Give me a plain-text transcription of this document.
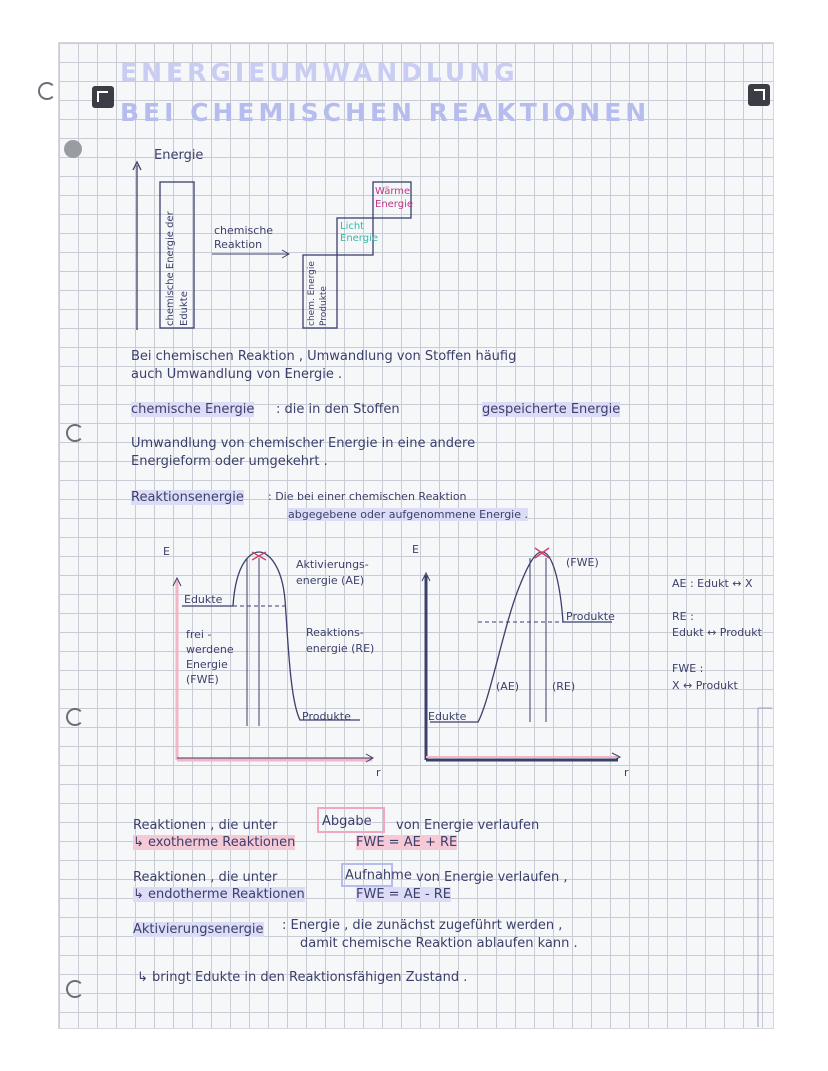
ENERGIEUMWANDLUNG
BEI CHEMISCHEN REAKTIONEN
Energie
chemische Energie der Edukte
chemische Reaktion
chem. Energie Produkte
Licht Energie
Wärme Energie
Bei chemischen Reaktion , Umwandlung von Stoffen häufig
auch Umwandlung von Energie .
chemische Energie : die in den Stoffen	gespeicherte Energie
Umwandlung von chemischer Energie in eine andere
Energieform oder umgekehrt .
Reaktionsenergie : Die bei einer chemischen Reaktion
abgegebene oder aufgenommene Energie .
E
r
Edukte
Aktivierungs-
energie (AE)
frei -
werdene
Energie
(FWE)
Reaktions-
energie (RE)
Produkte
E
r
(FWE)
Produkte
(AE)	(RE)
Edukte
AE : Edukt ↔ X
RE :
Edukt ↔ Produkt
FWE :
X ↔ Produkt
Reaktionen , die unter	Abgabe von Energie verlaufen
↳ exotherme Reaktionen	FWE = AE + RE
Reaktionen , die unter	Aufnahme von Energie verlaufen ,
↳ endotherme Reaktionen	FWE = AE - RE
Aktivierungsenergie : Energie , die zunächst zugeführt werden ,
damit chemische Reaktion ablaufen kann .
↳ bringt Edukte in den Reaktionsfähigen Zustand .
